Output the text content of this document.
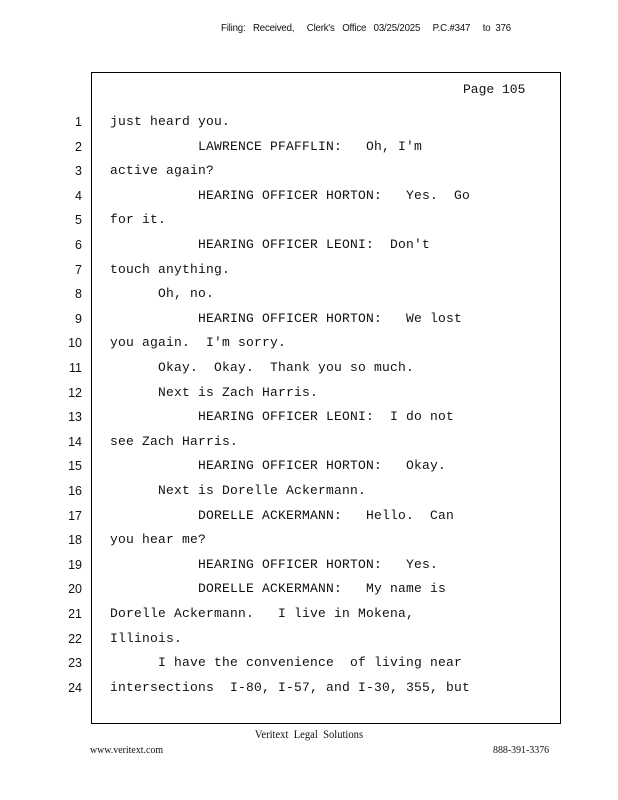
Filing:   Received,     Clerk's   Office   03/25/2025     P.C.#347     to  376
Page 105
1 just heard you.
2 LAWRENCE PFAFFLIN:   Oh, I'm
3 active again?
4 HEARING OFFICER HORTON:   Yes.  Go
5 for it.
6 HEARING OFFICER LEONI:  Don't
7 touch anything.
8 Oh, no.
9 HEARING OFFICER HORTON:   We lost
10 you again.  I'm sorry.
11 Okay.  Okay.  Thank you so much.
12 Next is Zach Harris.
13 HEARING OFFICER LEONI:  I do not
14 see Zach Harris.
15 HEARING OFFICER HORTON:   Okay.
16 Next is Dorelle Ackermann.
17 DORELLE ACKERMANN:   Hello.  Can
18 you hear me?
19 HEARING OFFICER HORTON:   Yes.
20 DORELLE ACKERMANN:   My name is
21 Dorelle Ackermann.   I live in Mokena,
22 Illinois.
23 I have the convenience  of living near
24 intersections  I-80, I-57, and I-30, 355, but
Veritext  Legal  Solutions
www.veritext.com	888-391-3376
